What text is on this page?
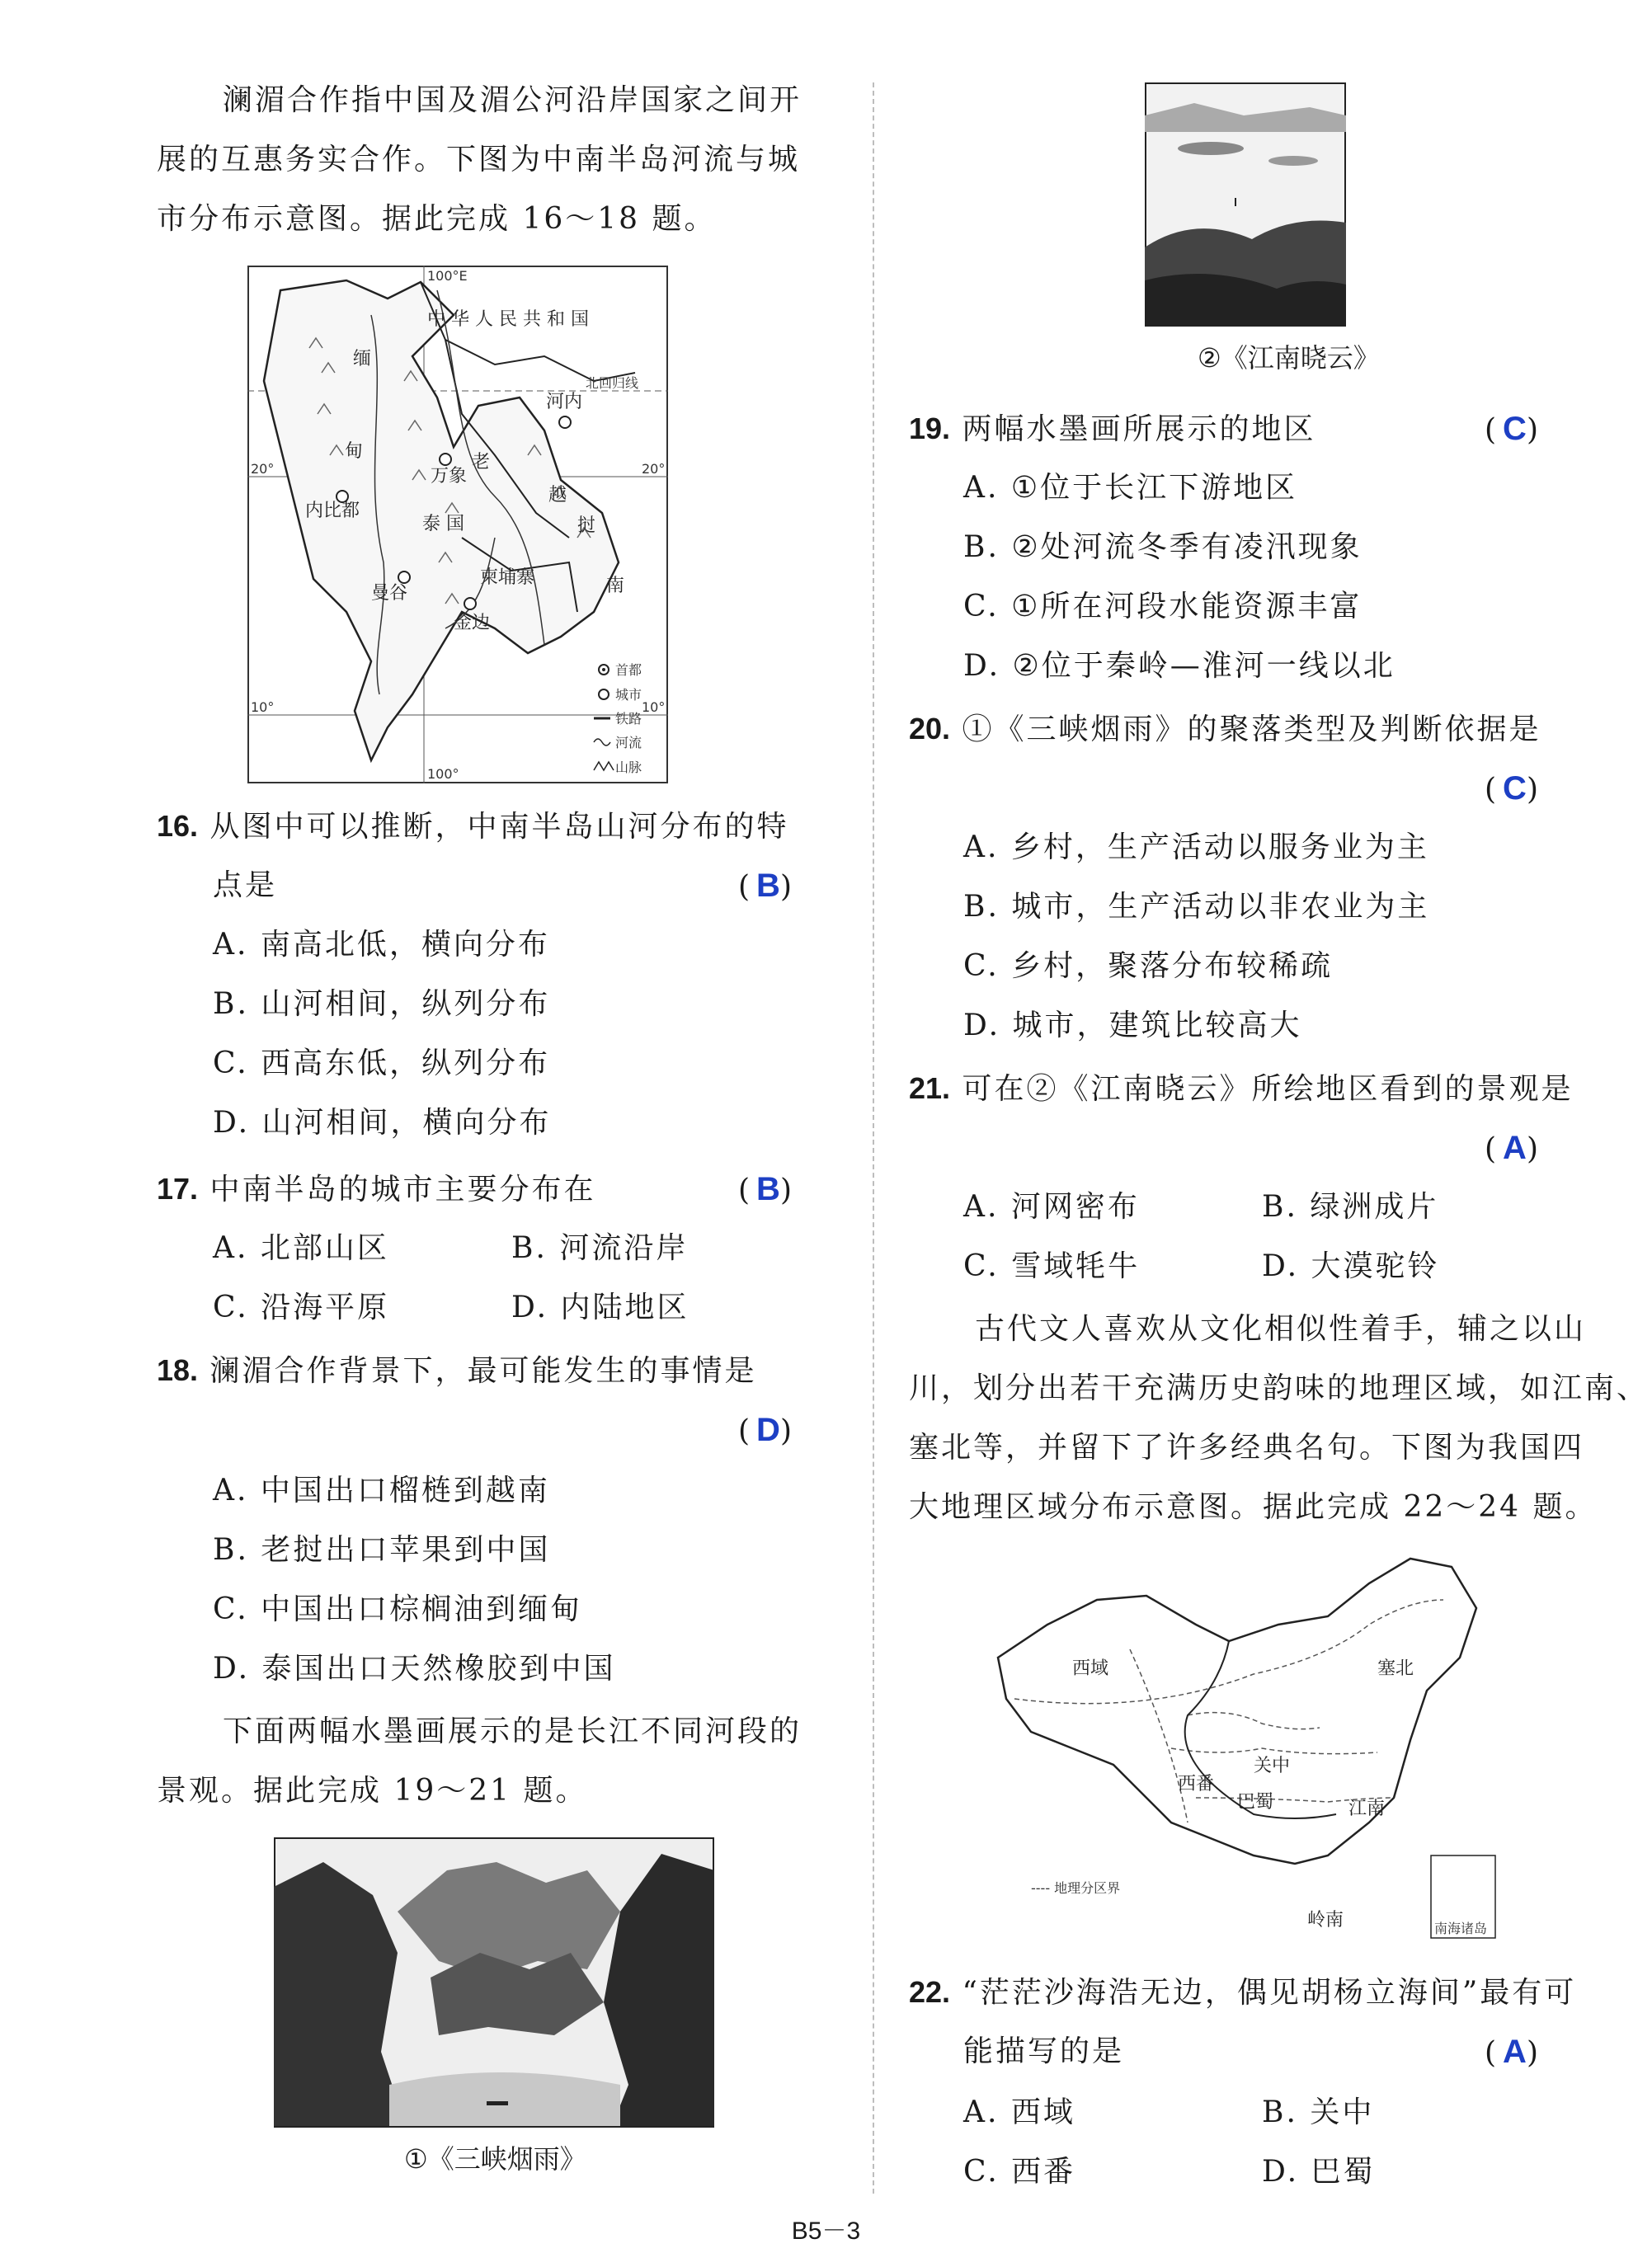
澜湄合作指中国及湄公河沿岸国家之间开
展的互惠务实合作。下图为中南半岛河流与城
市分布示意图。据此完成 16～18 题。
100°E
100°
20°	20°
10°	10°
北回归线
中 华 人 民 共 和 国
缅
甸
老
挝
越
南
泰 国
柬埔寨
河内
内比都
万象
曼谷
金边
首都
城市
铁路
河流
山脉
16. 从图中可以推断，中南半岛山河分布的特
点是	(B)
A. 南高北低，横向分布
B. 山河相间，纵列分布
C. 西高东低，纵列分布
D. 山河相间，横向分布
17. 中南半岛的城市主要分布在	(B)
A. 北部山区	B. 河流沿岸
C. 沿海平原	D. 内陆地区
18. 澜湄合作背景下，最可能发生的事情是
(D)
A. 中国出口榴梿到越南
B. 老挝出口苹果到中国
C. 中国出口棕榈油到缅甸
D. 泰国出口天然橡胶到中国
下面两幅水墨画展示的是长江不同河段的
景观。据此完成 19～21 题。
①《三峡烟雨》
②《江南晓云》
19. 两幅水墨画所展示的地区	(C)
A. ①位于长江下游地区
B. ②处河流冬季有凌汛现象
C. ①所在河段水能资源丰富
D. ②位于秦岭—淮河一线以北
20. ①《三峡烟雨》的聚落类型及判断依据是
(C)
A. 乡村，生产活动以服务业为主
B. 城市，生产活动以非农业为主
C. 乡村，聚落分布较稀疏
D. 城市，建筑比较高大
21. 可在②《江南晓云》所绘地区看到的景观是
(A)
A. 河网密布	B. 绿洲成片
C. 雪域牦牛	D. 大漠驼铃
古代文人喜欢从文化相似性着手，辅之以山
川，划分出若干充满历史韵味的地理区域，如江南、
塞北等，并留下了许多经典名句。下图为我国四
大地理区域分布示意图。据此完成 22～24 题。
西域	塞北
关中
西番
巴蜀	江南
岭南
---- 地理分区界
南海诸岛
22. “茫茫沙海浩无边，偶见胡杨立海间”最有可
能描写的是	(A)
A. 西域	B. 关中
C. 西番	D. 巴蜀
B5－3
